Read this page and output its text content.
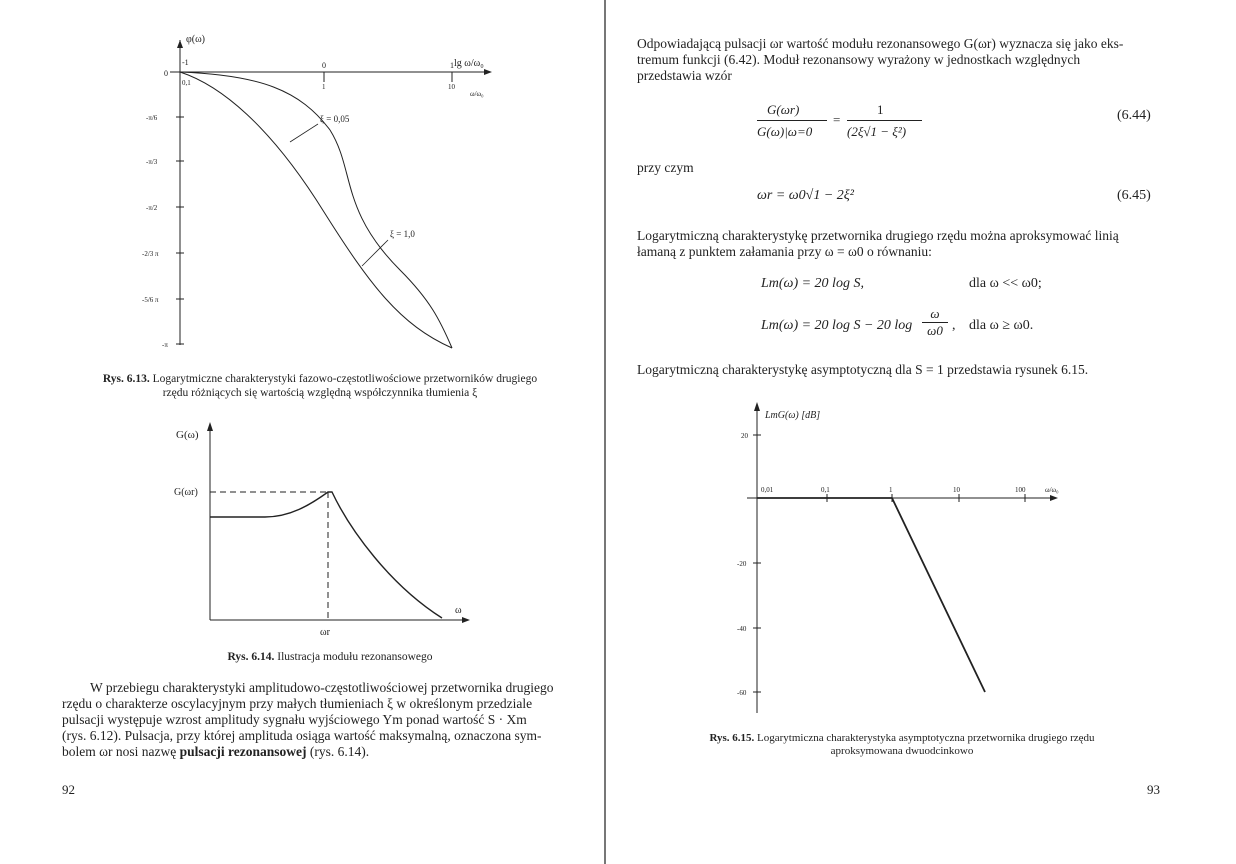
φ(ω)
lg ω/ω₀
ω/ω₀
-1	0	1
0,1	1	10
0
-π/6
-π/3
-π/2
-2/3 π
-5/6 π
-π
ξ = 0,05
ξ = 1,0
Rys. 6.13. Logarytmiczne charakterystyki fazowo-częstotliwościowe przetworników drugiego rzędu różniących się wartością względną współczynnika tłumienia ξ
G(ω)
G(ωr)
ω
ωr
Rys. 6.14. Ilustracja modułu rezonansowego
W przebiegu charakterystyki amplitudowo-częstotliwościowej przetwornika drugiego
rzędu o charakterze oscylacyjnym przy małych tłumieniach ξ w określonym przedziale
pulsacji występuje wzrost amplitudy sygnału wyjściowego Ym ponad wartość S · Xm
(rys. 6.12). Pulsacja, przy której amplituda osiąga wartość maksymalną, oznaczona sym-
bolem ωr nosi nazwę pulsacji rezonansowej (rys. 6.14).
92
Odpowiadającą pulsacji ωr wartość modułu rezonansowego G(ωr) wyznacza się jako eks-
tremum funkcji (6.42). Moduł rezonansowy wyrażony w jednostkach względnych
przedstawia wzór
G(ωr)
G(ω)|ω=0
=
1
(2ξ√1 − ξ²)
(6.44)
przy czym
ωr = ω0√1 − 2ξ²	(6.45)
Logarytmiczną charakterystykę przetwornika drugiego rzędu można aproksymować linią
łamaną z punktem załamania przy ω = ω0 o równaniu:
Lm(ω) = 20 log S,	dla ω << ω0;
Lm(ω) = 20 log S − 20 log
ω
ω0 , dla ω ≥ ω0.
Logarytmiczną charakterystykę asymptotyczną dla S = 1 przedstawia rysunek 6.15.
LmG(ω) [dB]
20
-20
-40
-60
0,01	0,1	1	10	100	ω/ω₀
Rys. 6.15. Logarytmiczna charakterystyka asymptotyczna przetwornika drugiego rzędu aproksymowana dwuodcinkowo
93
